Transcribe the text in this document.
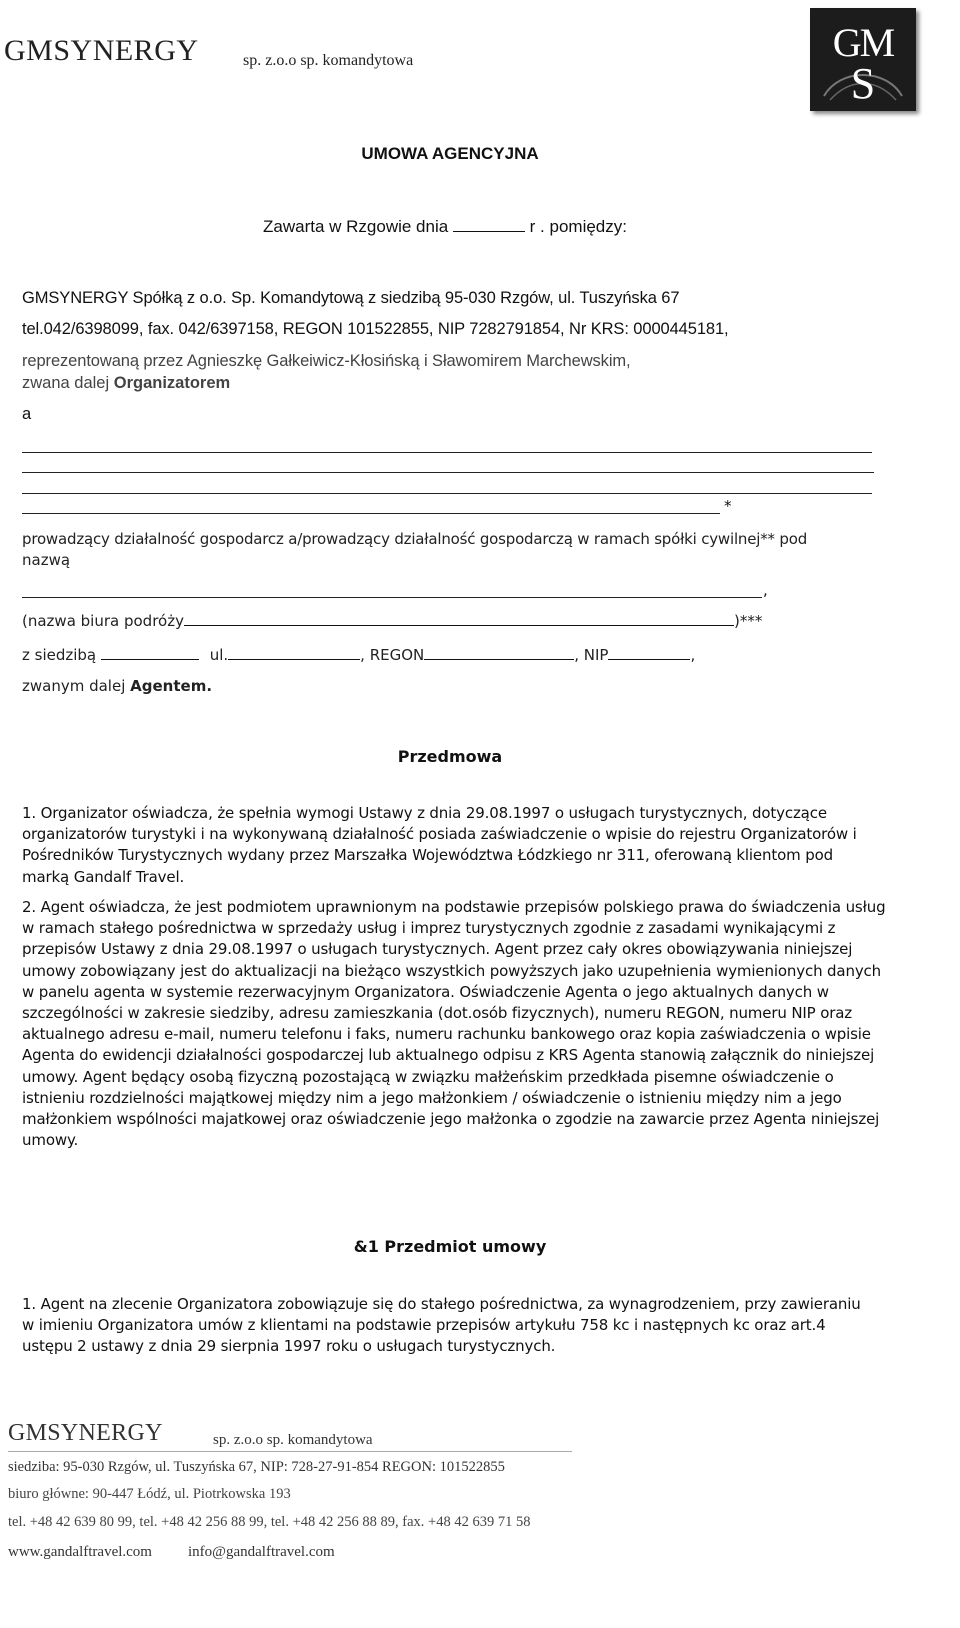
GMSYNERGY	sp. z.o.o sp. komandytowa	GM
S
UMOWA AGENCYJNA
Zawarta w Rzgowie dnia	r . pomiędzy:
GMSYNERGY Spółką z o.o. Sp. Komandytową z siedzibą 95-030 Rzgów, ul. Tuszyńska 67
tel.042/6398099, fax. 042/6397158, REGON 101522855, NIP 7282791854, Nr KRS: 0000445181,
reprezentowaną przez Agnieszkę Gałkeiwicz-Kłosińską i Sławomirem Marchewskim,
zwana dalej Organizatorem
a
*
prowadzący działalność gospodarcz a/prowadzący działalność gospodarczą w ramach spółki cywilnej** pod
nazwą
,
(nazwa biura podróży	)***
z siedzibą	ul.	, REGON	, NIP	,
zwanym dalej Agentem.
Przedmowa

1. Organizator oświadcza, że spełnia wymogi Ustawy z dnia 29.08.1997 o usługach turystycznych, dotyczące organizatorów turystyki i na wykonywaną działalność posiada zaświadczenie o wpisie do rejestru Organizatorów i Pośredników Turystycznych wydany przez Marszałka Województwa Łódzkiego nr 311, oferowaną klientom pod marką Gandalf Travel.

2. Agent oświadcza, że jest podmiotem uprawnionym na podstawie przepisów polskiego prawa do świadczenia usług w ramach stałego pośrednictwa w sprzedaży usług i imprez turystycznych zgodnie z zasadami wynikającymi z przepisów Ustawy z dnia 29.08.1997 o usługach turystycznych. Agent przez cały okres obowiązywania niniejszej umowy zobowiązany jest do aktualizacji na bieżąco wszystkich powyższych jako uzupełnienia wymienionych danych w panelu agenta w systemie rezerwacyjnym Organizatora. Oświadczenie Agenta o jego aktualnych danych w szczególności w zakresie siedziby, adresu zamieszkania (dot.osób fizycznych), numeru REGON, numeru NIP oraz aktualnego adresu e-mail, numeru telefonu i faks, numeru rachunku bankowego oraz kopia zaświadczenia o wpisie Agenta do ewidencji działalności gospodarczej lub aktualnego odpisu z KRS Agenta stanowią załącznik do niniejszej umowy. Agent będący osobą fizyczną pozostającą w związku małżeńskim przedkłada pisemne oświadczenie o istnieniu rozdzielności majątkowej między nim a jego małżonkiem / oświadczenie o istnieniu między nim a jego małżonkiem wspólności majatkowej oraz oświadczenie jego małżonka o zgodzie na zawarcie przez Agenta niniejszej umowy.

&1 Przedmiot umowy

1. Agent na zlecenie Organizatora zobowiązuje się do stałego pośrednictwa, za wynagrodzeniem, przy zawieraniu w imieniu Organizatora umów z klientami na podstawie przepisów artykułu 758 kc i następnych kc oraz art.4 ustępu 2 ustawy z dnia 29 sierpnia 1997 roku o usługach turystycznych.

GMSYNERGY	sp. z.o.o sp. komandytowa
siedziba: 95-030 Rzgów, ul. Tuszyńska 67, NIP: 728-27-91-854 REGON: 101522855
biuro główne: 90-447 Łódź, ul. Piotrkowska 193
tel. +48 42 639 80 99, tel. +48 42 256 88 99, tel. +48 42 256 88 89, fax. +48 42 639 71 58
www.gandalftravel.com info@gandalftravel.com
